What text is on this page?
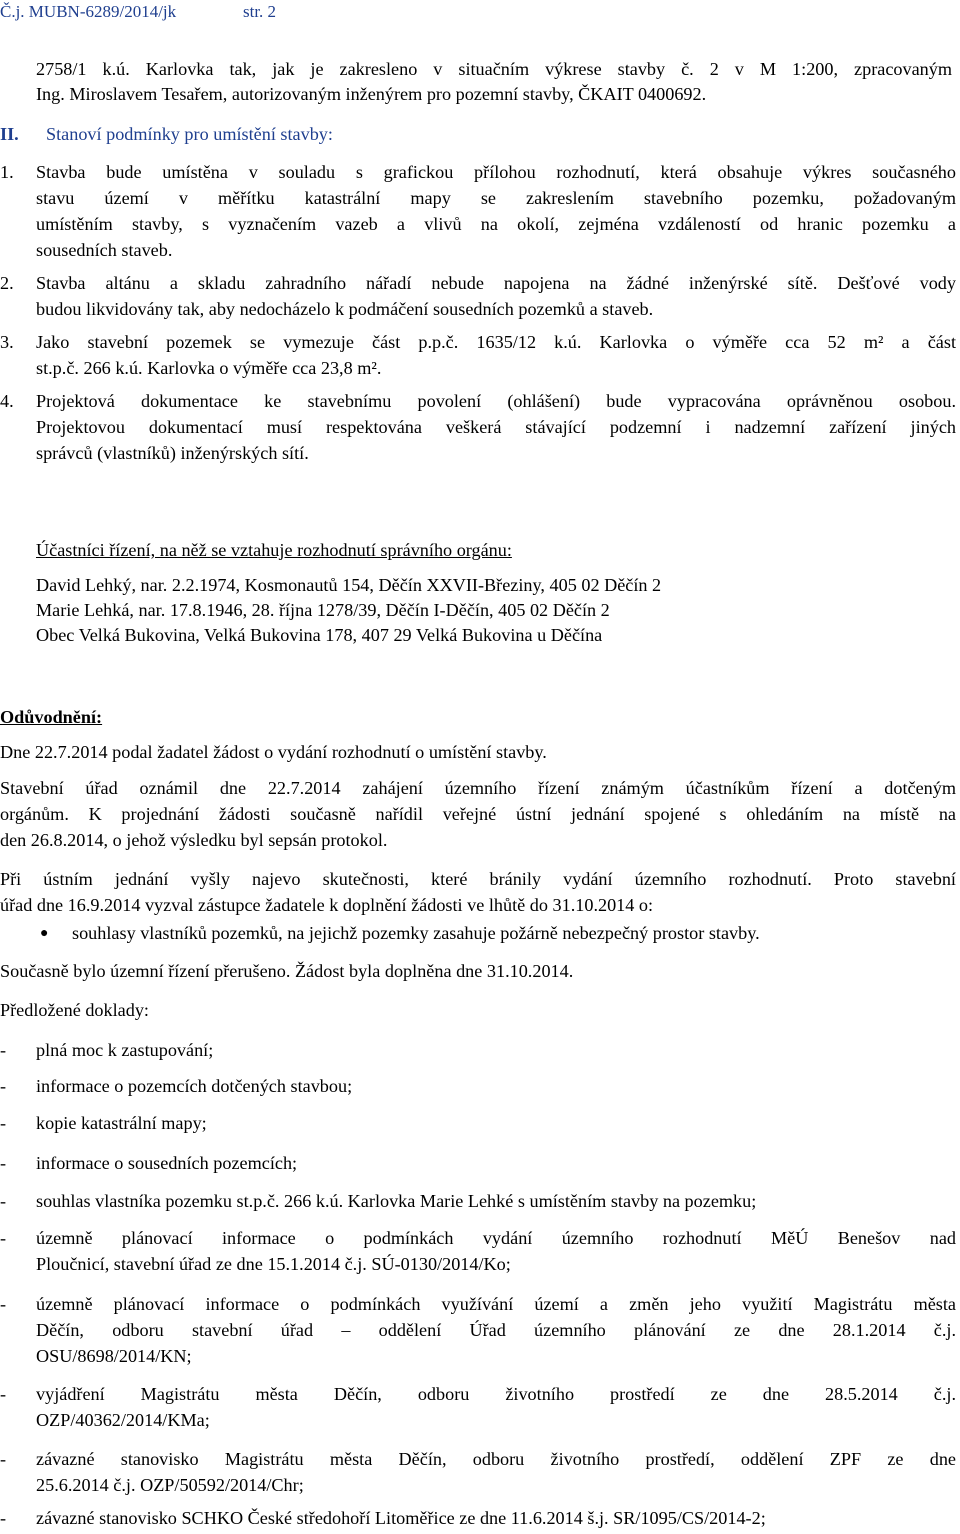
Č.j. MUBN-6289/2014/jk	str. 2
2758/1 k.ú. Karlovka tak, jak je zakresleno v situačním výkrese stavby č. 2 v M 1:200, zpracovaným
Ing. Miroslavem Tesařem, autorizovaným inženýrem pro pozemní stavby, ČKAIT 0400692.
II. Stanoví podmínky pro umístění stavby:
1. Stavba bude umístěna v souladu s grafickou přílohou rozhodnutí, která obsahuje výkres současného
stavu území v měřítku katastrální mapy se zakreslením stavebního pozemku, požadovaným
umístěním stavby, s vyznačením vazeb a vlivů na okolí, zejména vzdáleností od hranic pozemku a
sousedních staveb.
2. Stavba altánu a skladu zahradního nářadí nebude napojena na žádné inženýrské sítě. Dešťové vody
budou likvidovány tak, aby nedocházelo k podmáčení sousedních pozemků a staveb.
3. Jako stavební pozemek se vymezuje část p.p.č. 1635/12 k.ú. Karlovka o výměře cca 52 m² a část
st.p.č. 266 k.ú. Karlovka o výměře cca 23,8 m².
4. Projektová dokumentace ke stavebnímu povolení (ohlášení) bude vypracována oprávněnou osobou.
Projektovou dokumentací musí respektována veškerá stávající podzemní i nadzemní zařízení jiných
správců (vlastníků) inženýrských sítí.
Účastníci řízení, na něž se vztahuje rozhodnutí správního orgánu:
David Lehký, nar. 2.2.1974, Kosmonautů 154, Děčín XXVII-Březiny, 405 02 Děčín 2
Marie Lehká, nar. 17.8.1946, 28. října 1278/39, Děčín I-Děčín, 405 02 Děčín 2
Obec Velká Bukovina, Velká Bukovina 178, 407 29 Velká Bukovina u Děčína
Odůvodnění:
Dne 22.7.2014 podal žadatel žádost o vydání rozhodnutí o umístění stavby.
Stavební úřad oznámil dne 22.7.2014 zahájení územního řízení známým účastníkům řízení a dotčeným
orgánům. K projednání žádosti současně nařídil veřejné ústní jednání spojené s ohledáním na místě na
den 26.8.2014, o jehož výsledku byl sepsán protokol.
Při ústním jednání vyšly najevo skutečnosti, které bránily vydání územního rozhodnutí. Proto stavební
úřad dne 16.9.2014 vyzval zástupce žadatele k doplnění žádosti ve lhůtě do 31.10.2014 o:
● souhlasy vlastníků pozemků, na jejichž pozemky zasahuje požárně nebezpečný prostor stavby.
Současně bylo územní řízení přerušeno. Žádost byla doplněna dne 31.10.2014.
Předložené doklady:
- plná moc k zastupování;
- informace o pozemcích dotčených stavbou;
- kopie katastrální mapy;
- informace o sousedních pozemcích;
- souhlas vlastníka pozemku st.p.č. 266 k.ú. Karlovka Marie Lehké s umístěním stavby na pozemku;
- územně plánovací informace o podmínkách vydání územního rozhodnutí MěÚ Benešov nad
Ploučnicí, stavební úřad ze dne 15.1.2014 č.j. SÚ-0130/2014/Ko;
- územně plánovací informace o podmínkách využívání území a změn jeho využití Magistrátu města
Děčín, odboru stavební úřad – oddělení Úřad územního plánování ze dne 28.1.2014 č.j.
OSU/8698/2014/KN;
- vyjádření Magistrátu města Děčín, odboru životního prostředí ze dne 28.5.2014 č.j.
OZP/40362/2014/KMa;
- závazné stanovisko Magistrátu města Děčín, odboru životního prostředí, oddělení ZPF ze dne
25.6.2014 č.j. OZP/50592/2014/Chr;
- závazné stanovisko SCHKO České středohoří Litoměřice ze dne 11.6.2014 š.j. SR/1095/CS/2014-2;
